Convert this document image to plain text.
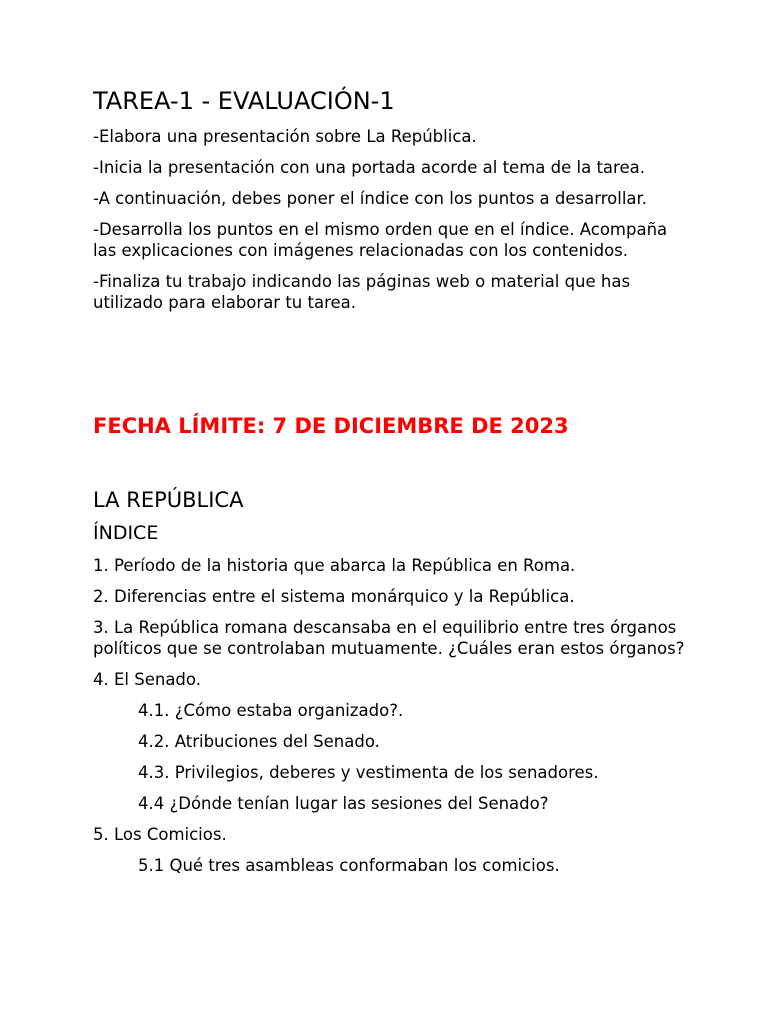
TAREA-1 - EVALUACIÓN-1
-Elabora una presentación sobre La República.
-Inicia la presentación con una portada acorde al tema de la tarea.
-A continuación, debes poner el índice con los puntos a desarrollar.
-Desarrolla los puntos en el mismo orden que en el índice. Acompaña las explicaciones con imágenes relacionadas con los contenidos.
-Finaliza tu trabajo indicando las páginas web o material que has utilizado para elaborar tu tarea.

FECHA LÍMITE: 7 DE DICIEMBRE DE 2023

LA REPÚBLICA
ÍNDICE
1. Período de la historia que abarca la República en Roma.
2. Diferencias entre el sistema monárquico y la República.
3. La República romana descansaba en el equilibrio entre tres órganos políticos que se controlaban mutuamente. ¿Cuáles eran estos órganos?
4. El Senado.
4.1. ¿Cómo estaba organizado?.
4.2. Atribuciones del Senado.
4.3. Privilegios, deberes y vestimenta de los senadores.
4.4 ¿Dónde tenían lugar las sesiones del Senado?
5. Los Comicios.
5.1 Qué tres asambleas conformaban los comicios.
